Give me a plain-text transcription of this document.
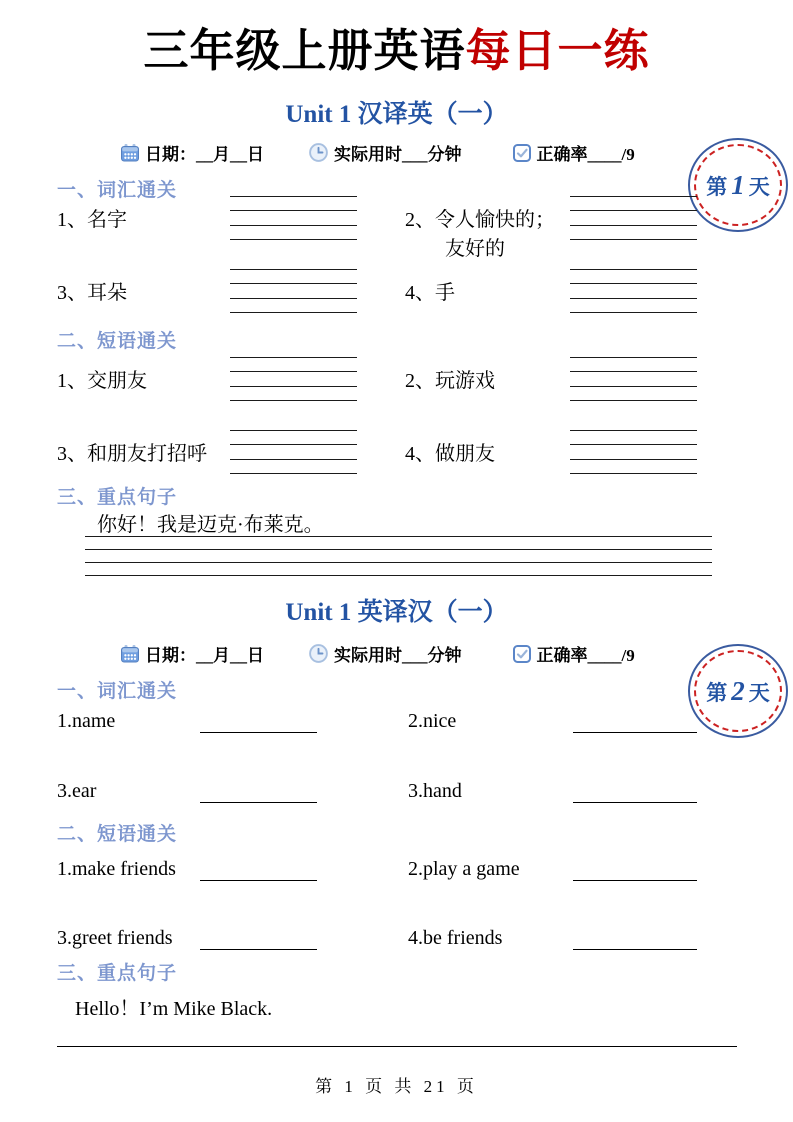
三年级上册英语每日一练
Unit 1 汉译英（一）
日期：__月__日	实际用时___分钟	正确率____/9
第 1 天
一、词汇通关
1、名字	2、令人愉快的；
友好的
3、耳朵	4、手
二、短语通关
1、交朋友	2、玩游戏
3、和朋友打招呼	4、做朋友
三、重点句子
你好！我是迈克·布莱克。
Unit 1 英译汉（一）
日期：__月__日	实际用时___分钟	正确率____/9
第 2 天
一、词汇通关
1.name	2.nice
3.ear	3.hand
二、短语通关
1.make friends	2.play a game
3.greet friends	4.be friends
三、重点句子
Hello！I’m Mike Black.
第 1 页 共 21 页
